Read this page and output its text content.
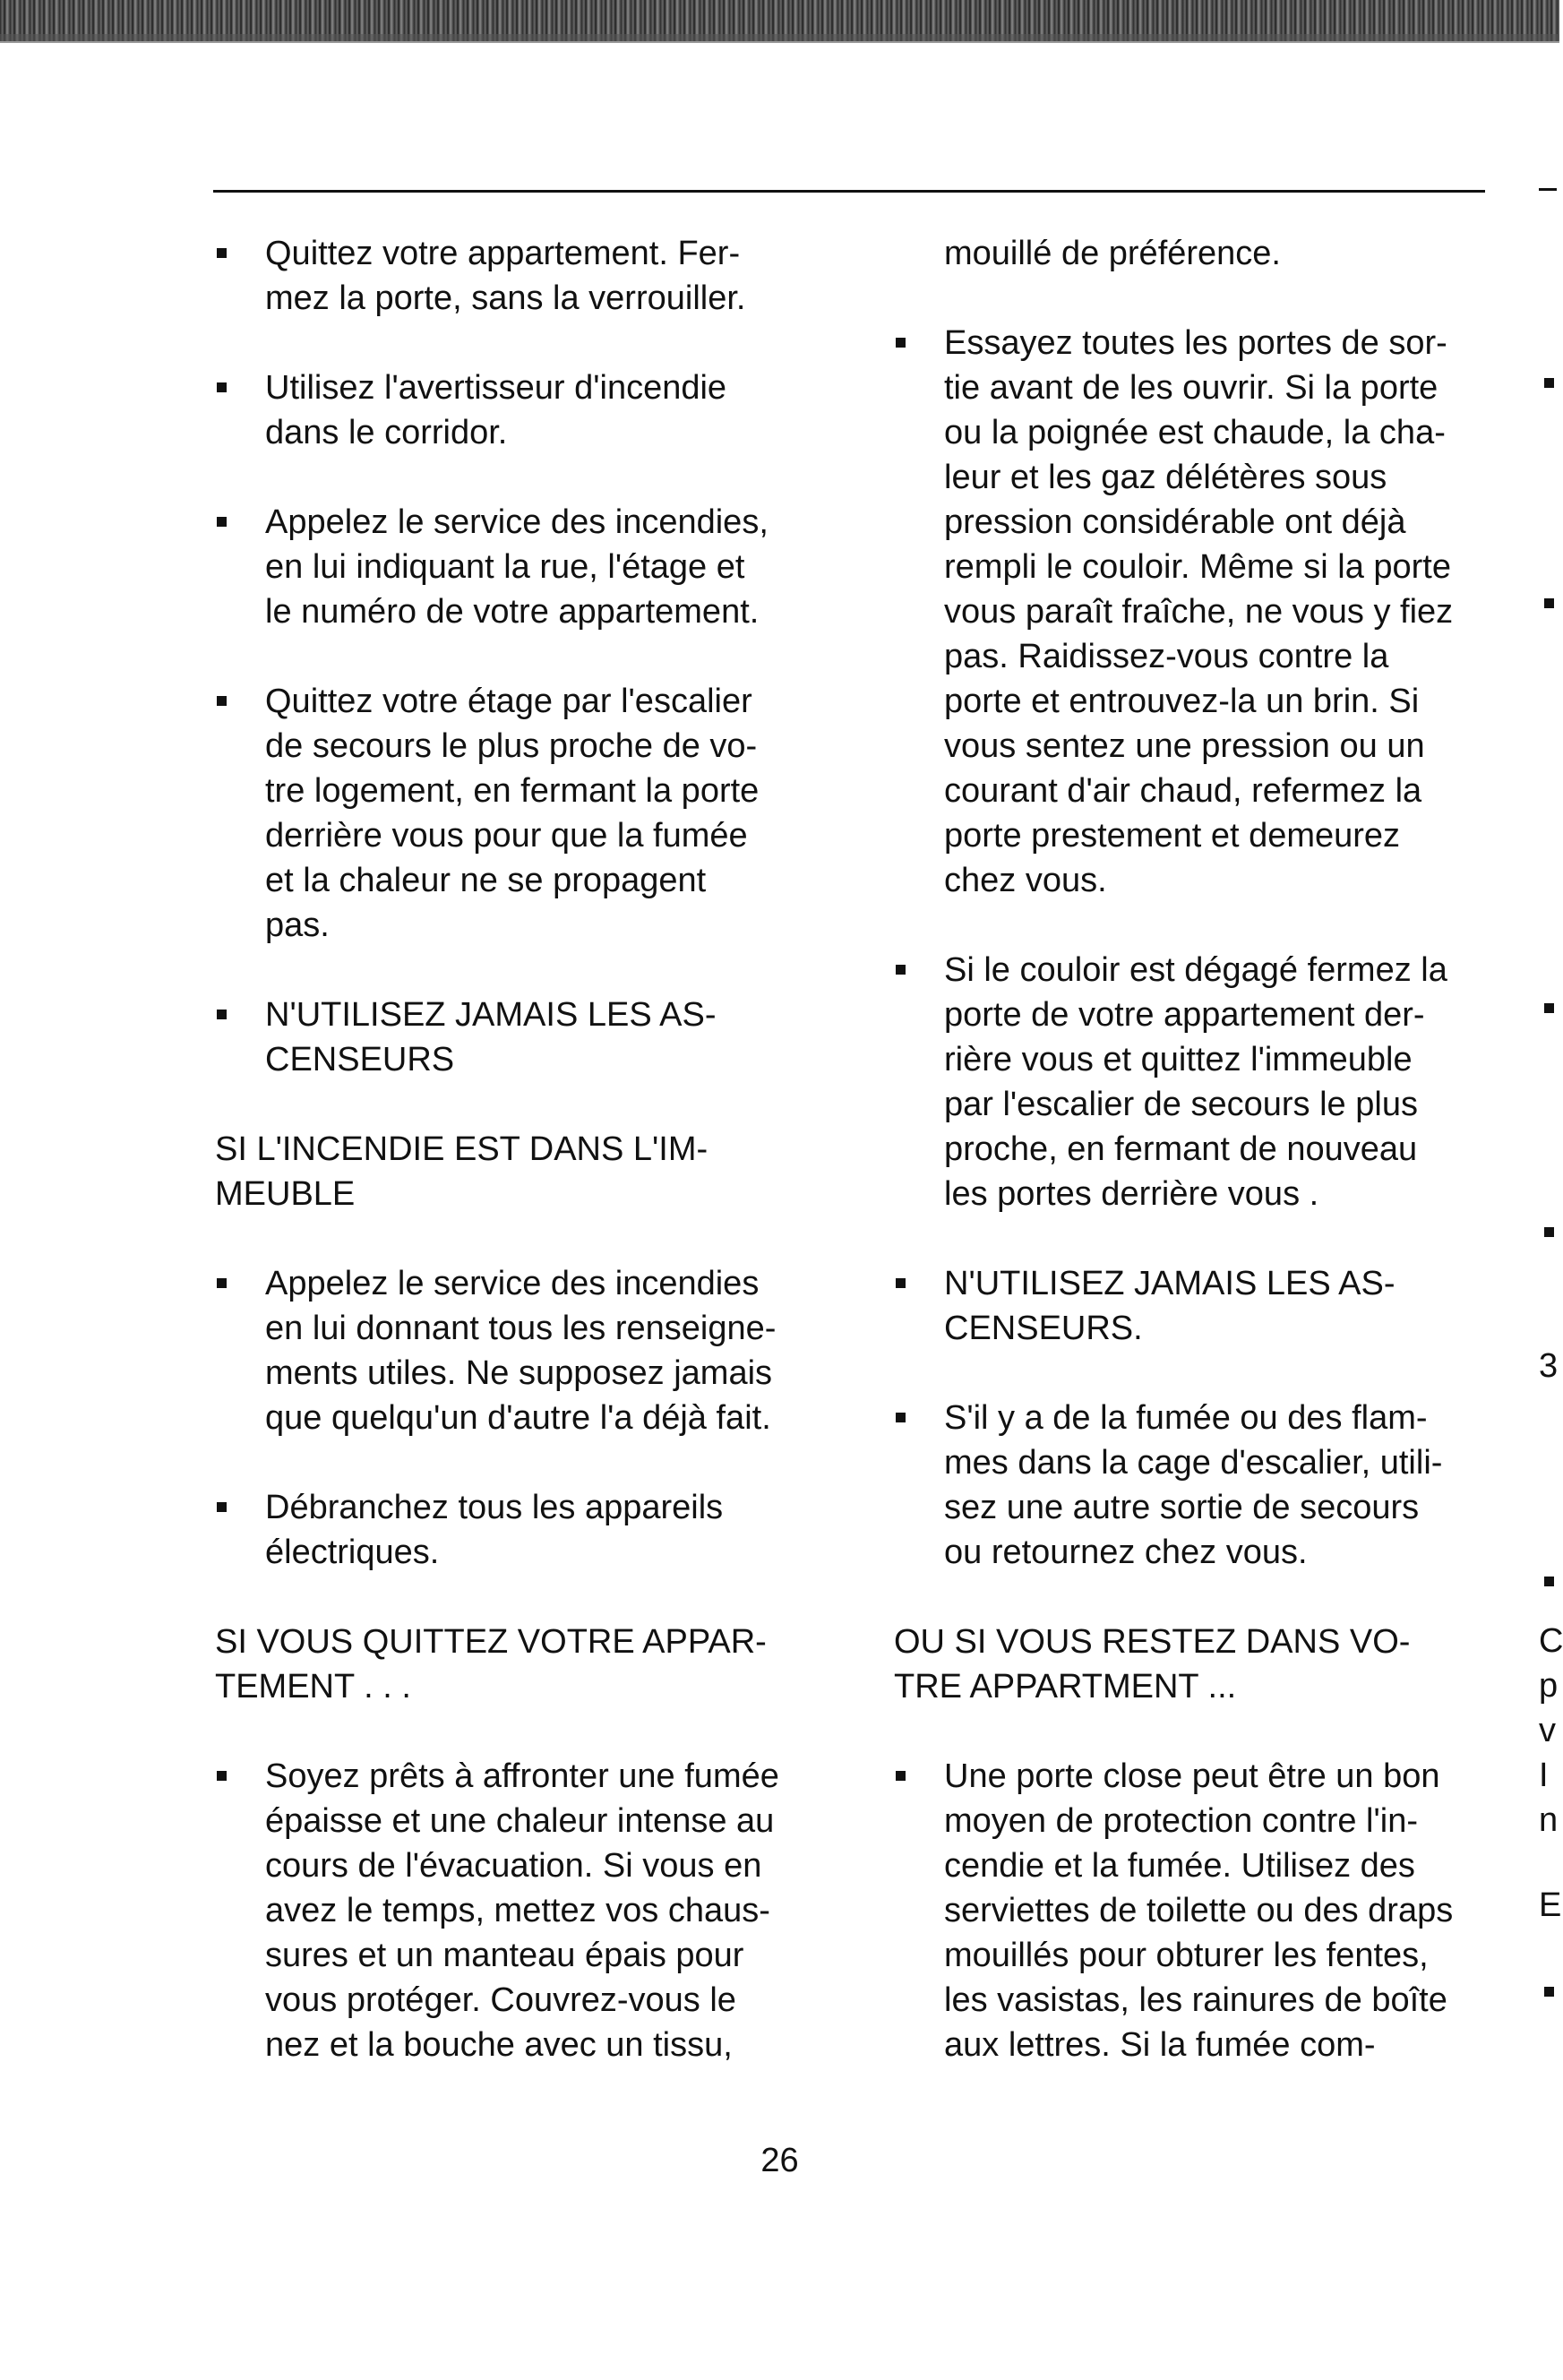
Quittez votre appartement. Fer-
mez la porte, sans la verrouiller.
Utilisez l'avertisseur d'incendie
dans le corridor.
Appelez le service des incendies,
en lui indiquant la rue, l'étage et
le numéro de votre appartement.
Quittez votre étage par l'escalier
de secours le plus proche de vo-
tre logement, en fermant la porte
derrière vous pour que la fumée
et la chaleur ne se propagent
pas.
N'UTILISEZ JAMAIS LES AS-
CENSEURS
SI L'INCENDIE EST DANS L'IM-
MEUBLE
Appelez le service des incendies
en lui donnant tous les renseigne-
ments utiles. Ne supposez jamais
que quelqu'un d'autre l'a déjà fait.
Débranchez tous les appareils
électriques.
SI VOUS QUITTEZ VOTRE APPAR-
TEMENT . . .
Soyez prêts à affronter une fumée
épaisse et une chaleur intense au
cours de l'évacuation. Si vous en
avez le temps, mettez vos chaus-
sures et un manteau épais pour
vous protéger. Couvrez-vous le
nez et la bouche avec un tissu,
mouillé de préférence.
Essayez toutes les portes de sor-
tie avant de les ouvrir. Si la porte
ou la poignée est chaude, la cha-
leur et les gaz délétères sous
pression considérable ont déjà
rempli le couloir. Même si la porte
vous paraît fraîche, ne vous y fiez
pas. Raidissez-vous contre la
porte et entrouvez-la un brin. Si
vous sentez une pression ou un
courant d'air chaud, refermez la
porte prestement et demeurez
chez vous.
Si le couloir est dégagé fermez la
porte de votre appartement der-
rière vous et quittez l'immeuble
par l'escalier de secours le plus
proche, en fermant de nouveau
les portes derrière vous .
N'UTILISEZ JAMAIS LES AS-
CENSEURS.
S'il y a de la fumée ou des flam-
mes dans la cage d'escalier, utili-
sez une autre sortie de secours
ou retournez chez vous.
OU SI VOUS RESTEZ DANS VO-
TRE APPARTMENT ...
Une porte close peut être un bon
moyen de protection contre l'in-
cendie et la fumée. Utilisez des
serviettes de toilette ou des draps
mouillés pour obturer les fentes,
les vasistas, les rainures de boîte
aux lettres. Si la fumée com-
3
C
p
v
I
n
E
26
